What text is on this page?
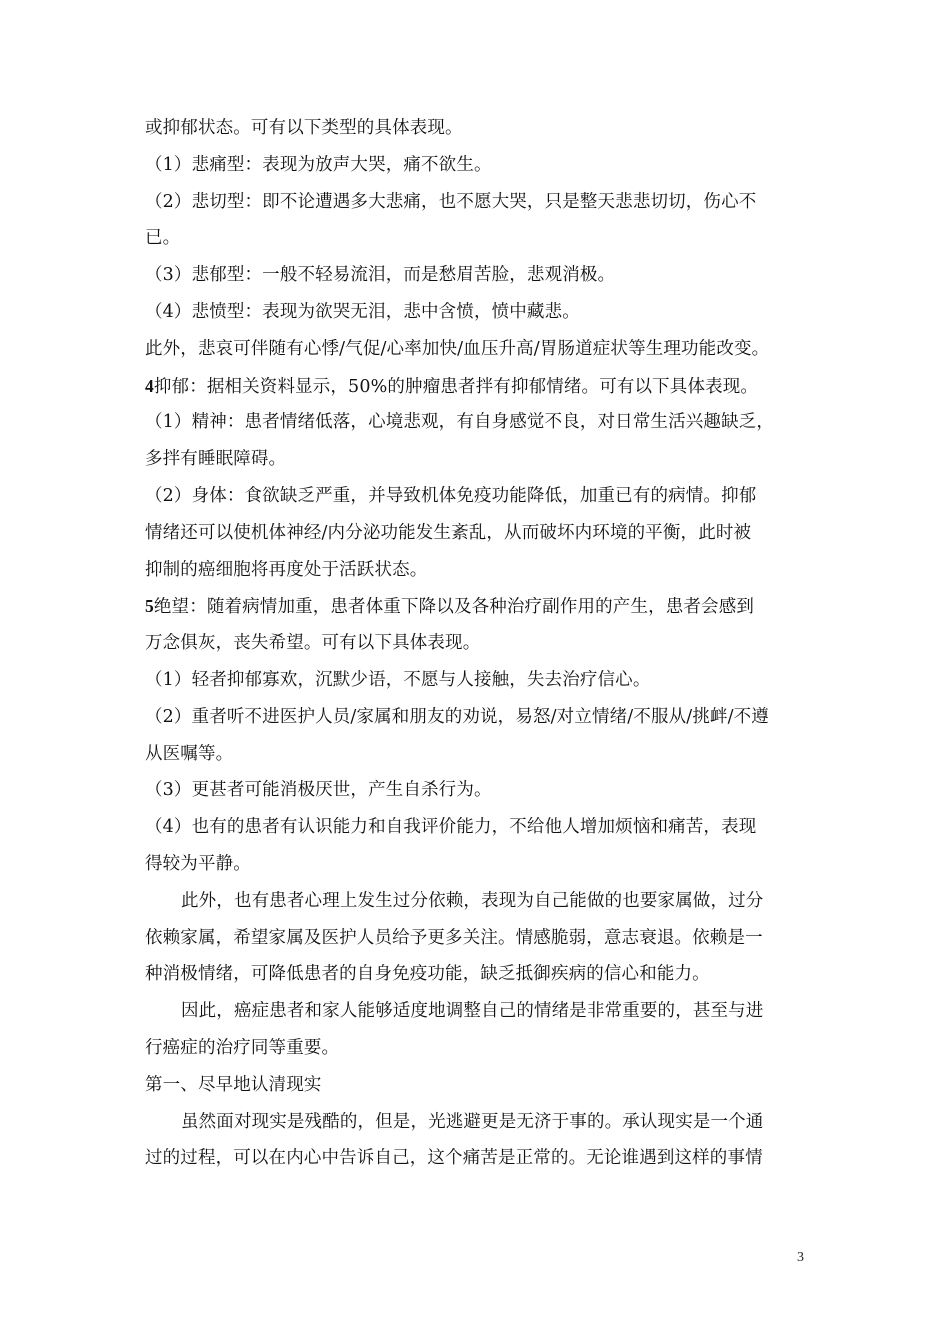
或抑郁状态。可有以下类型的具体表现。
（1）悲痛型：表现为放声大哭，痛不欲生。
（2）悲切型：即不论遭遇多大悲痛，也不愿大哭，只是整天悲悲切切，伤心不
已。
（3）悲郁型：一般不轻易流泪，而是愁眉苦脸，悲观消极。
（4）悲愤型：表现为欲哭无泪，悲中含愤，愤中藏悲。
此外，悲哀可伴随有心悸/气促/心率加快/血压升高/胃肠道症状等生理功能改变。
4抑郁：据相关资料显示，50%的肿瘤患者拌有抑郁情绪。可有以下具体表现。
（1）精神：患者情绪低落，心境悲观，有自身感觉不良，对日常生活兴趣缺乏，
多拌有睡眠障碍。
（2）身体：食欲缺乏严重，并导致机体免疫功能降低，加重已有的病情。抑郁
情绪还可以使机体神经/内分泌功能发生紊乱，从而破坏内环境的平衡，此时被
抑制的癌细胞将再度处于活跃状态。
5绝望：随着病情加重，患者体重下降以及各种治疗副作用的产生，患者会感到
万念俱灰，丧失希望。可有以下具体表现。
（1）轻者抑郁寡欢，沉默少语，不愿与人接触，失去治疗信心。
（2）重者听不进医护人员/家属和朋友的劝说，易怒/对立情绪/不服从/挑衅/不遵
从医嘱等。
（3）更甚者可能消极厌世，产生自杀行为。
（4）也有的患者有认识能力和自我评价能力，不给他人增加烦恼和痛苦，表现
得较为平静。
此外，也有患者心理上发生过分依赖，表现为自己能做的也要家属做，过分
依赖家属，希望家属及医护人员给予更多关注。情感脆弱，意志衰退。依赖是一
种消极情绪，可降低患者的自身免疫功能，缺乏抵御疾病的信心和能力。
因此，癌症患者和家人能够适度地调整自己的情绪是非常重要的，甚至与进
行癌症的治疗同等重要。
第一、尽早地认清现实
虽然面对现实是残酷的，但是，光逃避更是无济于事的。承认现实是一个通
过的过程，可以在内心中告诉自己，这个痛苦是正常的。无论谁遇到这样的事情
3
